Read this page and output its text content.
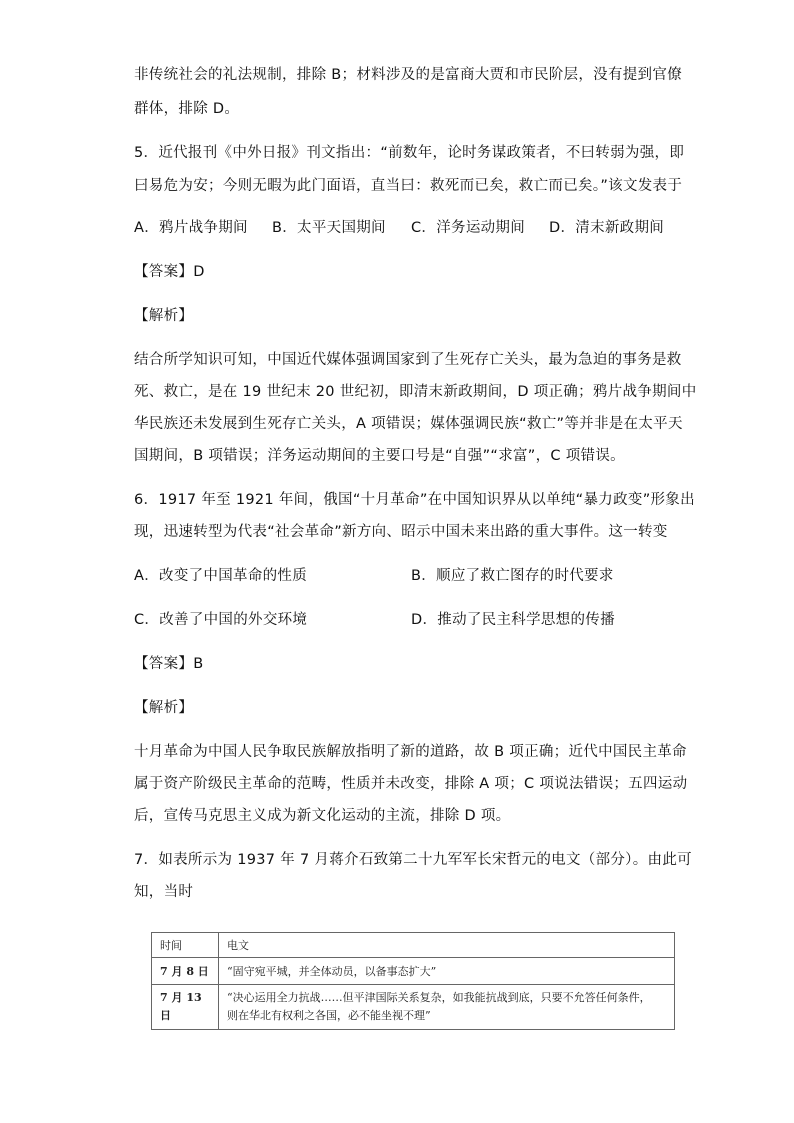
非传统社会的礼法规制，排除 B；材料涉及的是富商大贾和市民阶层，没有提到官僚
群体，排除 D。
5．近代报刊《中外日报》刊文指出：“前数年，论时务谋政策者，不曰转弱为强，即
曰易危为安；今则无暇为此门面语，直当曰：救死而已矣，救亡而已矣。”该文发表于
A．鸦片战争期间 B．太平天国期间 C．洋务运动期间 D．清末新政期间
【答案】D
【解析】
结合所学知识可知，中国近代媒体强调国家到了生死存亡关头，最为急迫的事务是救
死、救亡，是在 19 世纪末 20 世纪初，即清末新政期间，D 项正确；鸦片战争期间中
华民族还未发展到生死存亡关头，A 项错误；媒体强调民族“救亡”等并非是在太平天
国期间，B 项错误；洋务运动期间的主要口号是“自强”“求富”，C 项错误。
6．1917 年至 1921 年间，俄国“十月革命”在中国知识界从以单纯“暴力政变”形象出
现，迅速转型为代表“社会革命”新方向、昭示中国未来出路的重大事件。这一转变
A．改变了中国革命的性质	B．顺应了救亡图存的时代要求
C．改善了中国的外交环境	D．推动了民主科学思想的传播
【答案】B
【解析】
十月革命为中国人民争取民族解放指明了新的道路，故 B 项正确；近代中国民主革命
属于资产阶级民主革命的范畴，性质并未改变，排除 A 项；C 项说法错误；五四运动
后，宣传马克思主义成为新文化运动的主流，排除 D 项。
7．如表所示为 1937 年 7 月蒋介石致第二十九军军长宋哲元的电文（部分）。由此可
知，当时
时间	电文
7 月 8 日	“固守宛平城，并全体动员，以备事态扩大”
7 月 13 日	“决心运用全力抗战……但平津国际关系复杂，如我能抗战到底，只要不允答任何条件，
则在华北有权利之各国，必不能坐视不理”
